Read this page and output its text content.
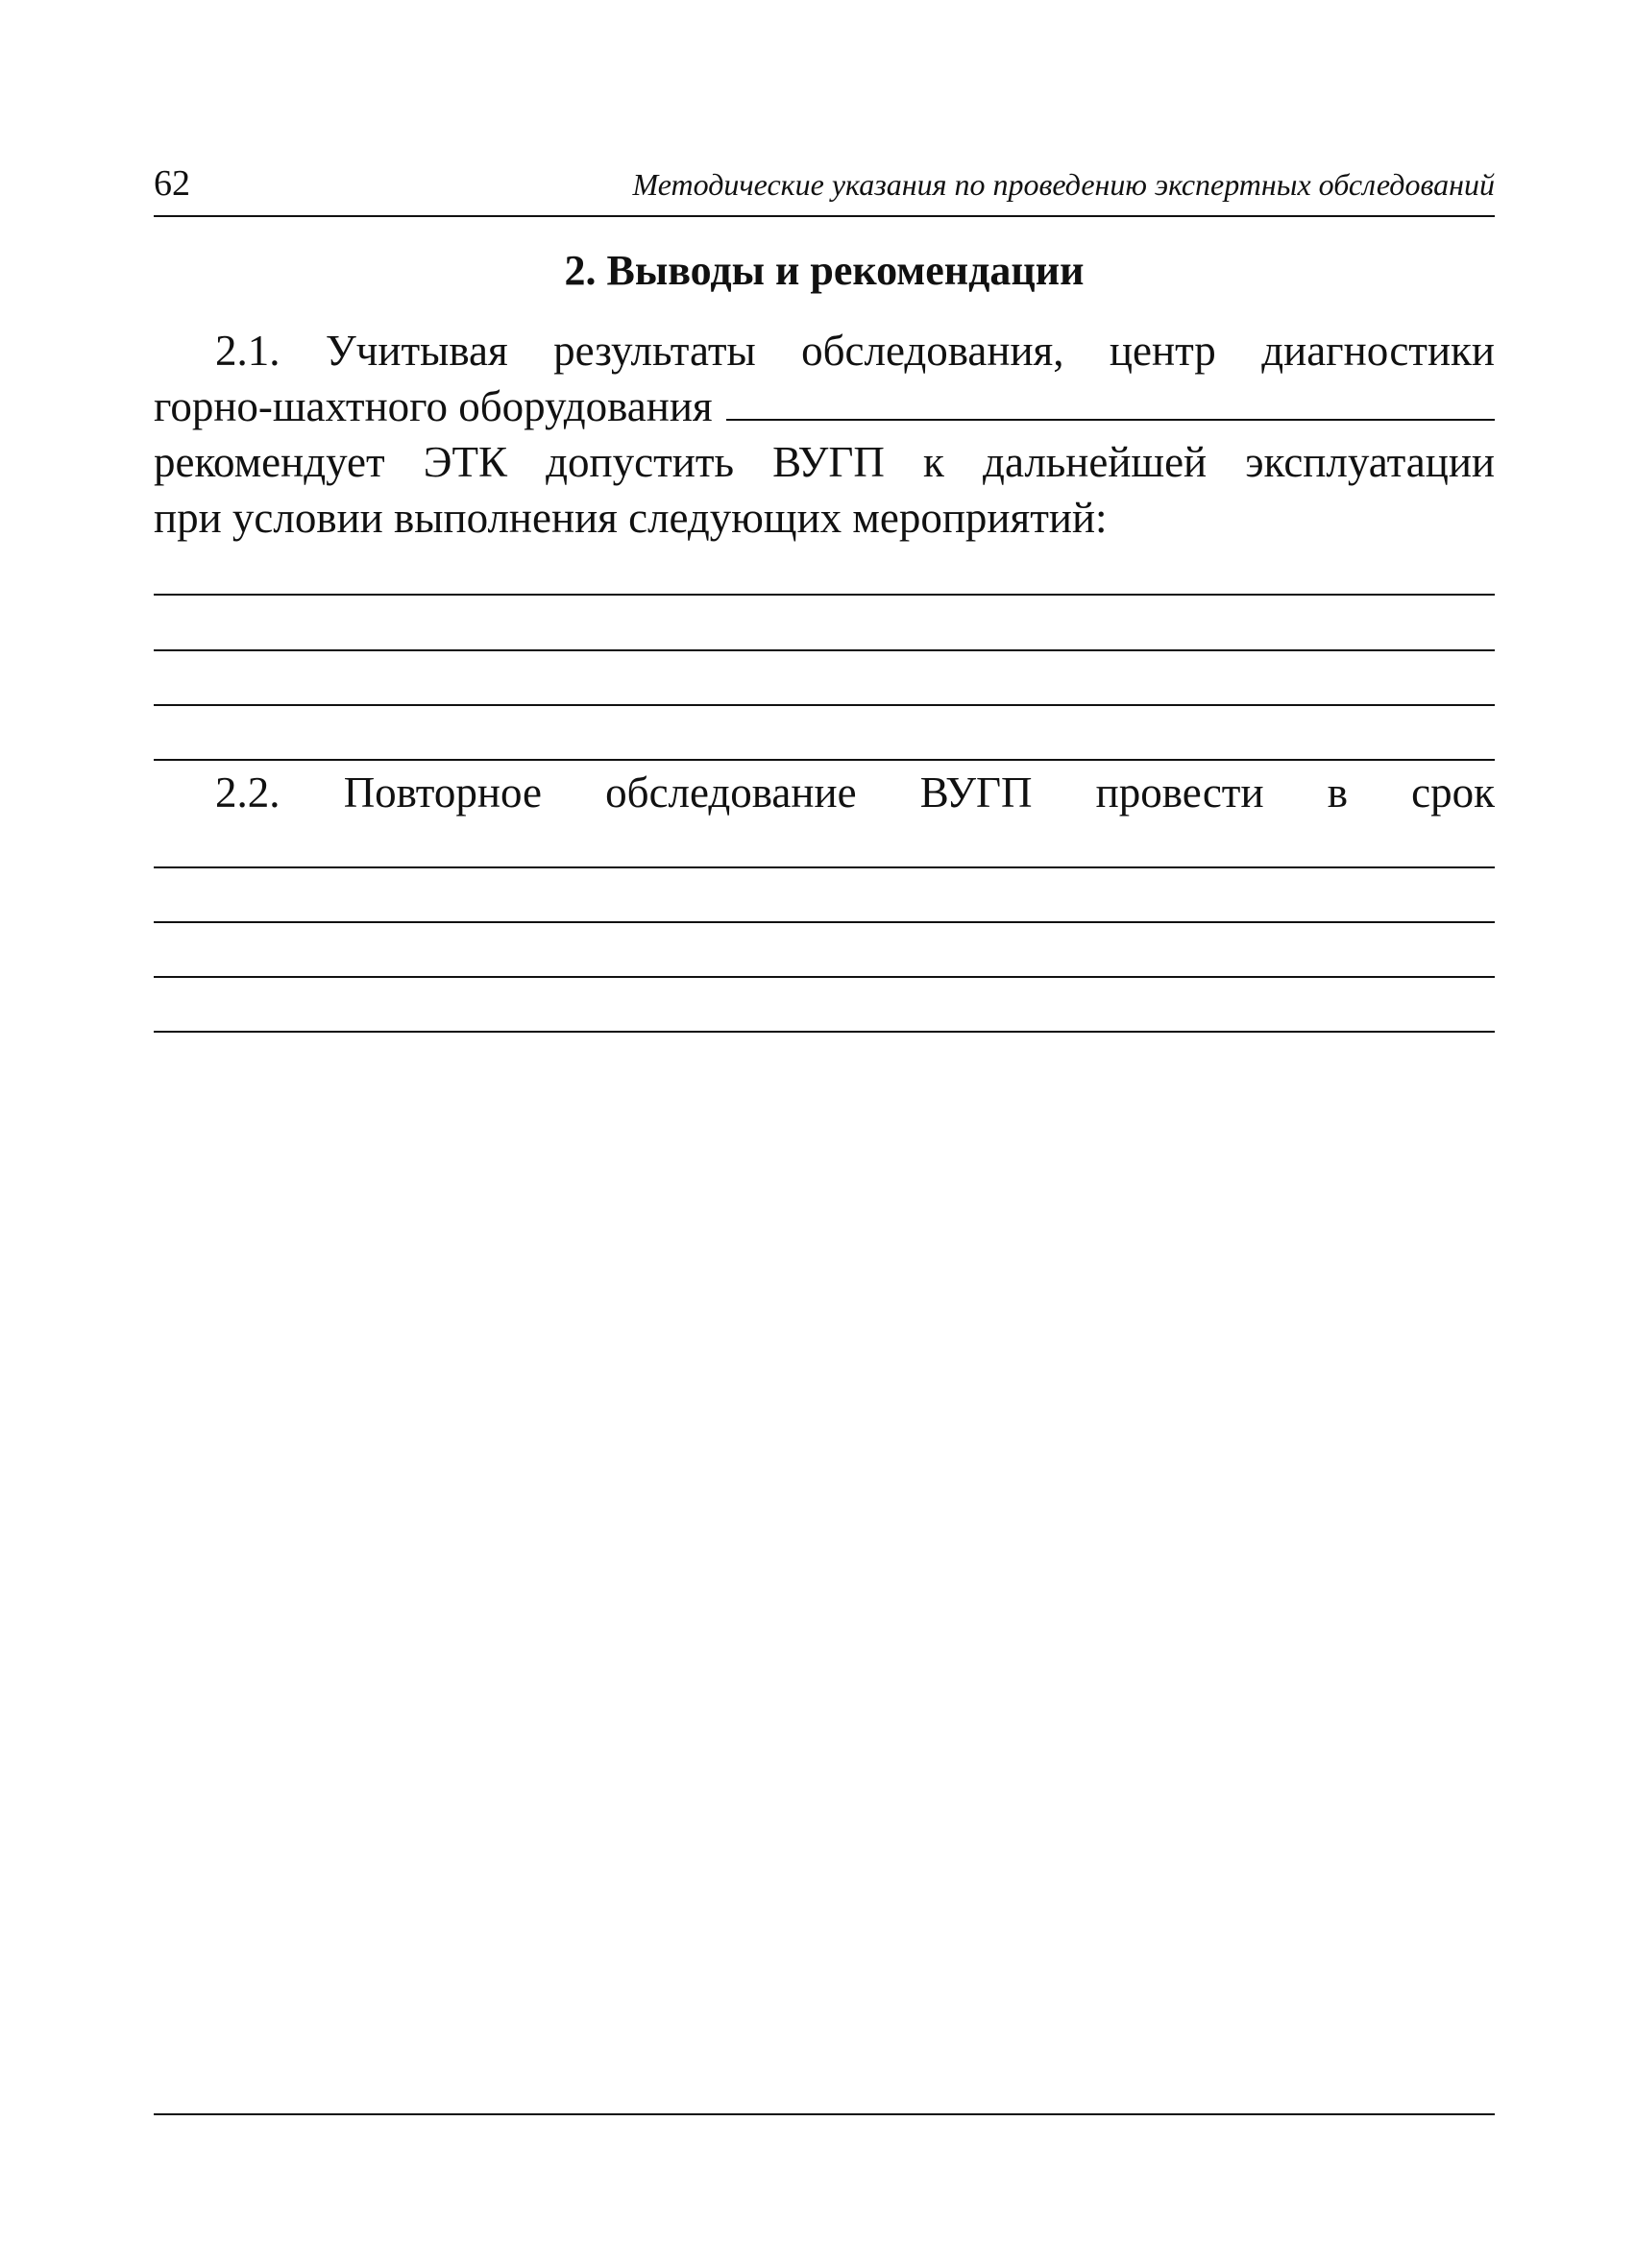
62	Методические указания по проведению экспертных обследований
2. Выводы и рекомендации
2.1. Учитывая результаты обследования, центр диагностики
горно-шахтного оборудования
рекомендует ЭТК допустить ВУГП к дальнейшей эксплуатации
при условии выполнения следующих мероприятий:
2.2. Повторное обследование ВУГП провести в срок
